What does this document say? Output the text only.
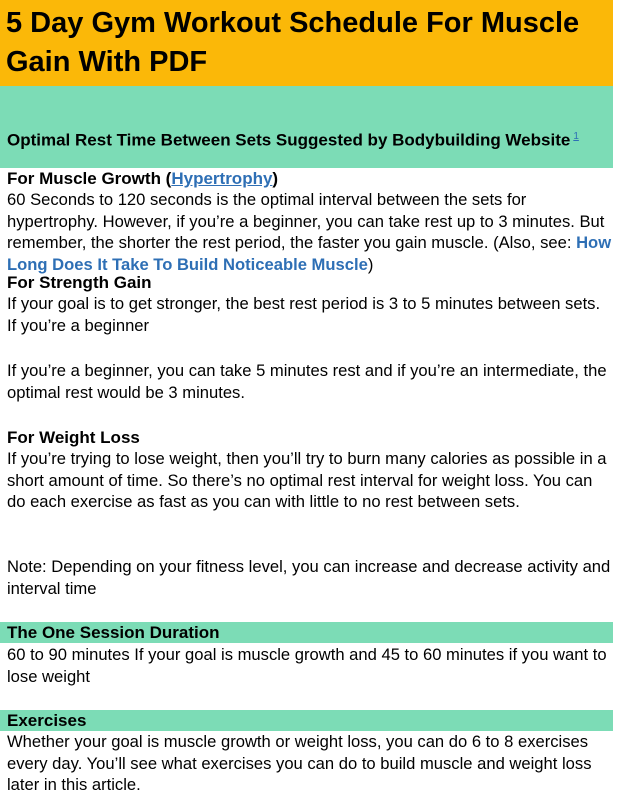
5 Day Gym Workout Schedule For Muscle Gain With PDF

Optimal Rest Time Between Sets Suggested by Bodybuilding Website $^1$

For Muscle Growth (Hypertrophy)

60 Seconds to 120 seconds is the optimal interval between the sets for hypertrophy. However, if you’re a beginner, you can take rest up to 3 minutes. But remember, the shorter the rest period, the faster you gain muscle. (Also, see: How Long Does It Take To Build Noticeable Muscle)

For Strength Gain

If your goal is to get stronger, the best rest period is 3 to 5 minutes between sets. If you’re a beginner

If you’re a beginner, you can take 5 minutes rest and if you’re an intermediate, the optimal rest would be 3 minutes.

For Weight Loss

If you’re trying to lose weight, then you’ll try to burn many calories as possible in a short amount of time. So there’s no optimal rest interval for weight loss. You can do each exercise as fast as you can with little to no rest between sets.

Note: Depending on your fitness level, you can increase and decrease activity and interval time

The One Session Duration

60 to 90 minutes If your goal is muscle growth and 45 to 60 minutes if you want to lose weight

Exercises

Whether your goal is muscle growth or weight loss, you can do 6 to 8 exercises every day. You’ll see what exercises you can do to build muscle and weight loss later in this article.
